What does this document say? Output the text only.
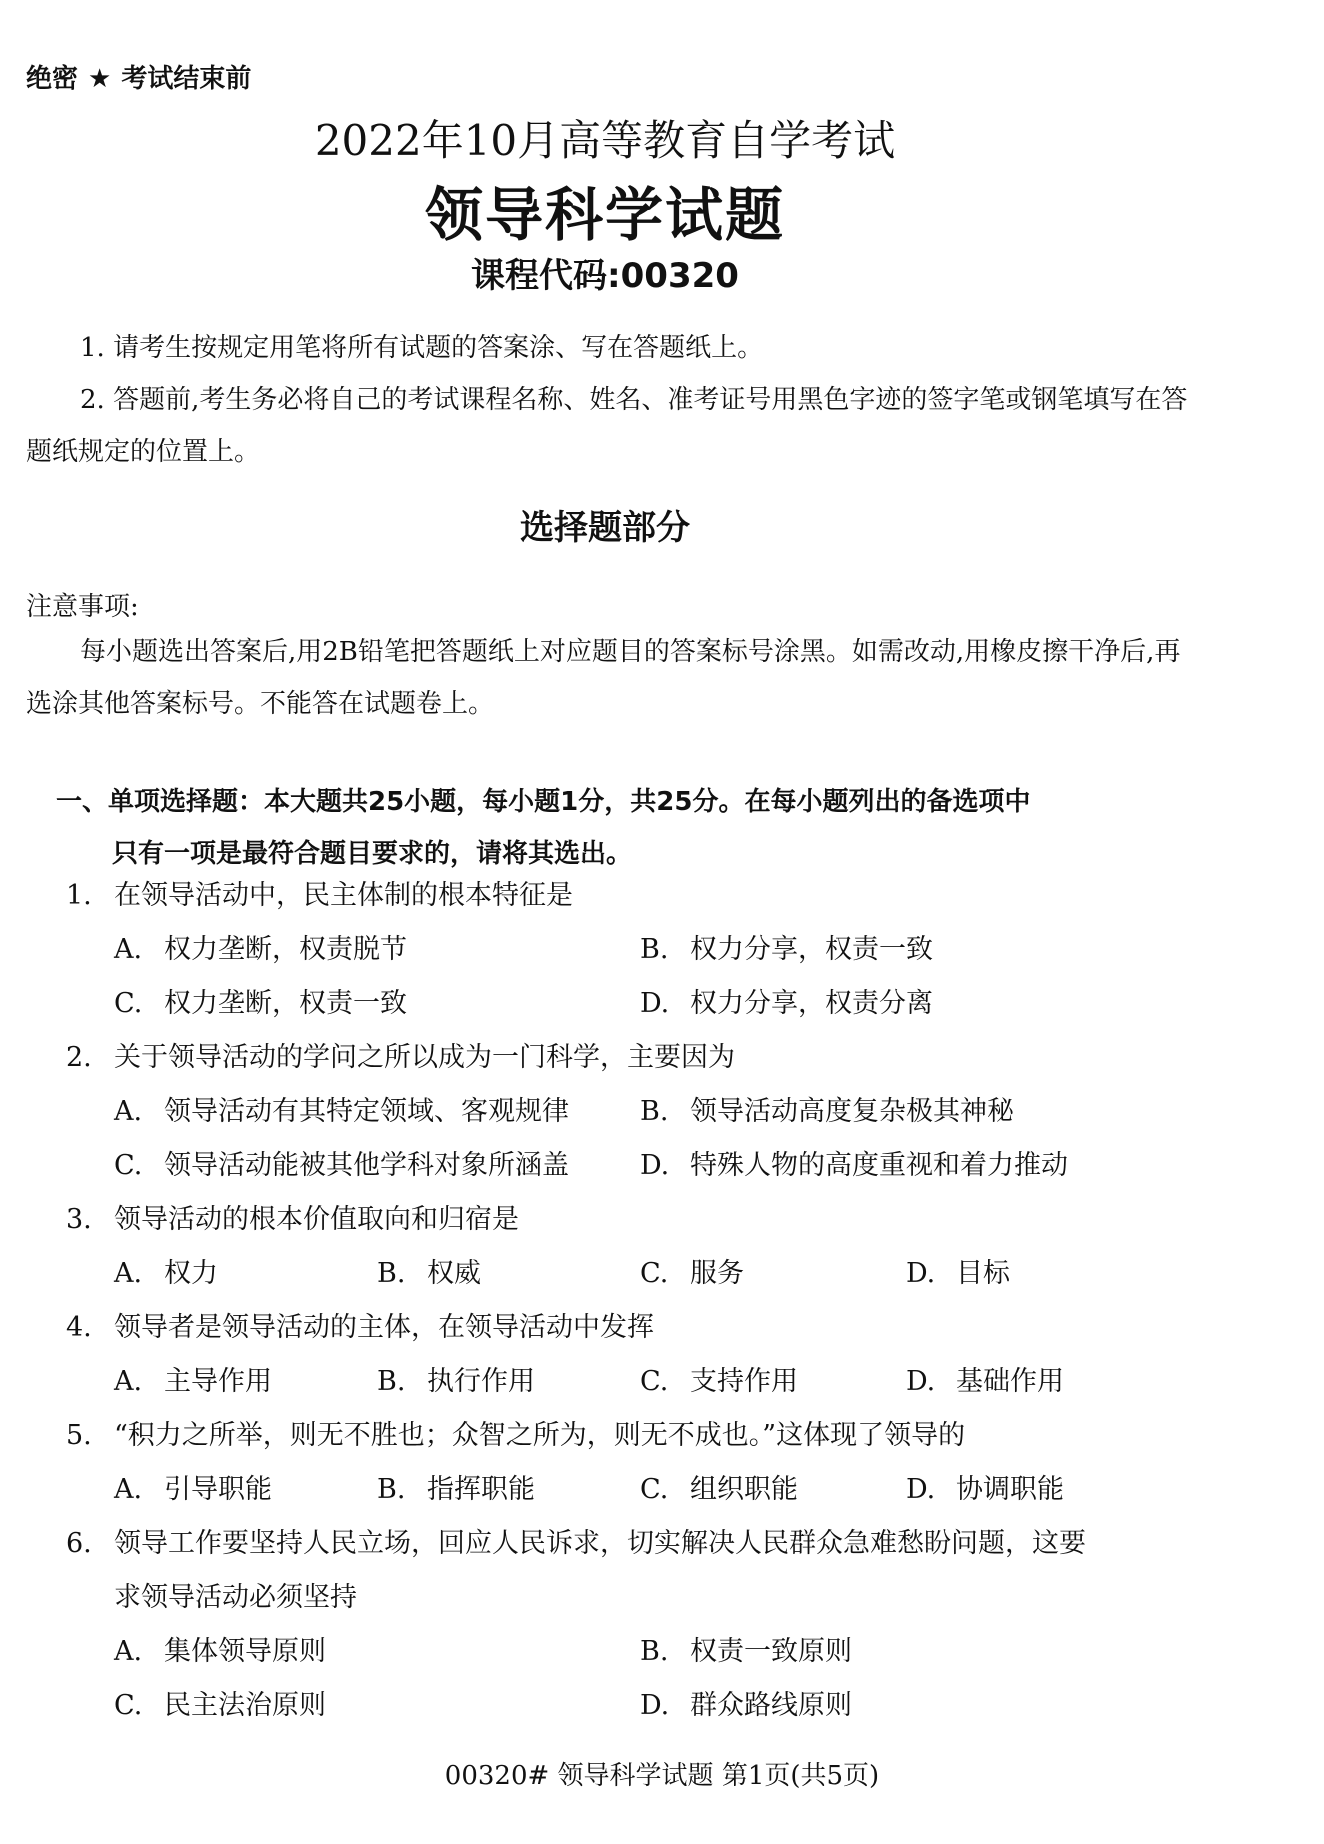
绝密 ★ 考试结束前
2022年10月高等教育自学考试
领导科学试题
课程代码:00320

1. 请考生按规定用笔将所有试题的答案涂、写在答题纸上。

2. 答题前,考生务必将自己的考试课程名称、姓名、准考证号用黑色字迹的签字笔或钢笔填写在答题纸规定的位置上。

选择题部分
注意事项:

每小题选出答案后,用2B铅笔把答题纸上对应题目的答案标号涂黑。如需改动,用橡皮擦干净后,再选涂其他答案标号。不能答在试题卷上。

一、单项选择题：本大题共25小题，每小题1分，共25分。在每小题列出的备选项中
只有一项是最符合题目要求的，请将其选出。
1. 在领导活动中，民主体制的根本特征是
A. 权力垄断，权责脱节	B. 权力分享，权责一致
C. 权力垄断，权责一致	D. 权力分享，权责分离
2. 关于领导活动的学问之所以成为一门科学，主要因为
A. 领导活动有其特定领域、客观规律	B. 领导活动高度复杂极其神秘
C. 领导活动能被其他学科对象所涵盖	D. 特殊人物的高度重视和着力推动
3. 领导活动的根本价值取向和归宿是
A. 权力	B. 权威	C. 服务	D. 目标
4. 领导者是领导活动的主体，在领导活动中发挥
A. 主导作用	B. 执行作用	C. 支持作用	D. 基础作用
5. “积力之所举，则无不胜也；众智之所为，则无不成也。”这体现了领导的
A. 引导职能	B. 指挥职能	C. 组织职能	D. 协调职能
6. 领导工作要坚持人民立场，回应人民诉求，切实解决人民群众急难愁盼问题，这要
求领导活动必须坚持
A. 集体领导原则	B. 权责一致原则
C. 民主法治原则	D. 群众路线原则
00320# 领导科学试题 第1页(共5页)
